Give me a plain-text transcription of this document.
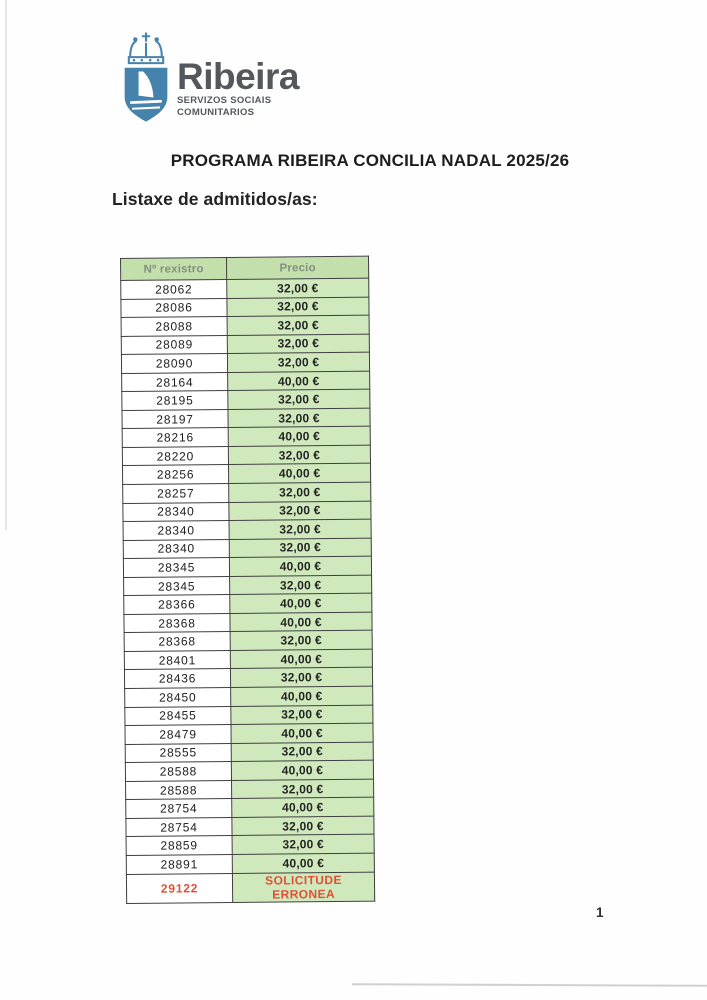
Ribeira
SERVIZOS SOCIAIS
COMUNITARIOS
PROGRAMA RIBEIRA CONCILIA NADAL 2025/26
Listaxe de admitidos/as:
Nº rexistro	Precio
28062	32,00 €
28086	32,00 €
28088	32,00 €
28089	32,00 €
28090	32,00 €
28164	40,00 €
28195	32,00 €
28197	32,00 €
28216	40,00 €
28220	32,00 €
28256	40,00 €
28257	32,00 €
28340	32,00 €
28340	32,00 €
28340	32,00 €
28345	40,00 €
28345	32,00 €
28366	40,00 €
28368	40,00 €
28368	32,00 €
28401	40,00 €
28436	32,00 €
28450	40,00 €
28455	32,00 €
28479	40,00 €
28555	32,00 €
28588	40,00 €
28588	32,00 €
28754	40,00 €
28754	32,00 €
28859	32,00 €
28891	40,00 €
29122	SOLICITUDE ERRONEA
1
